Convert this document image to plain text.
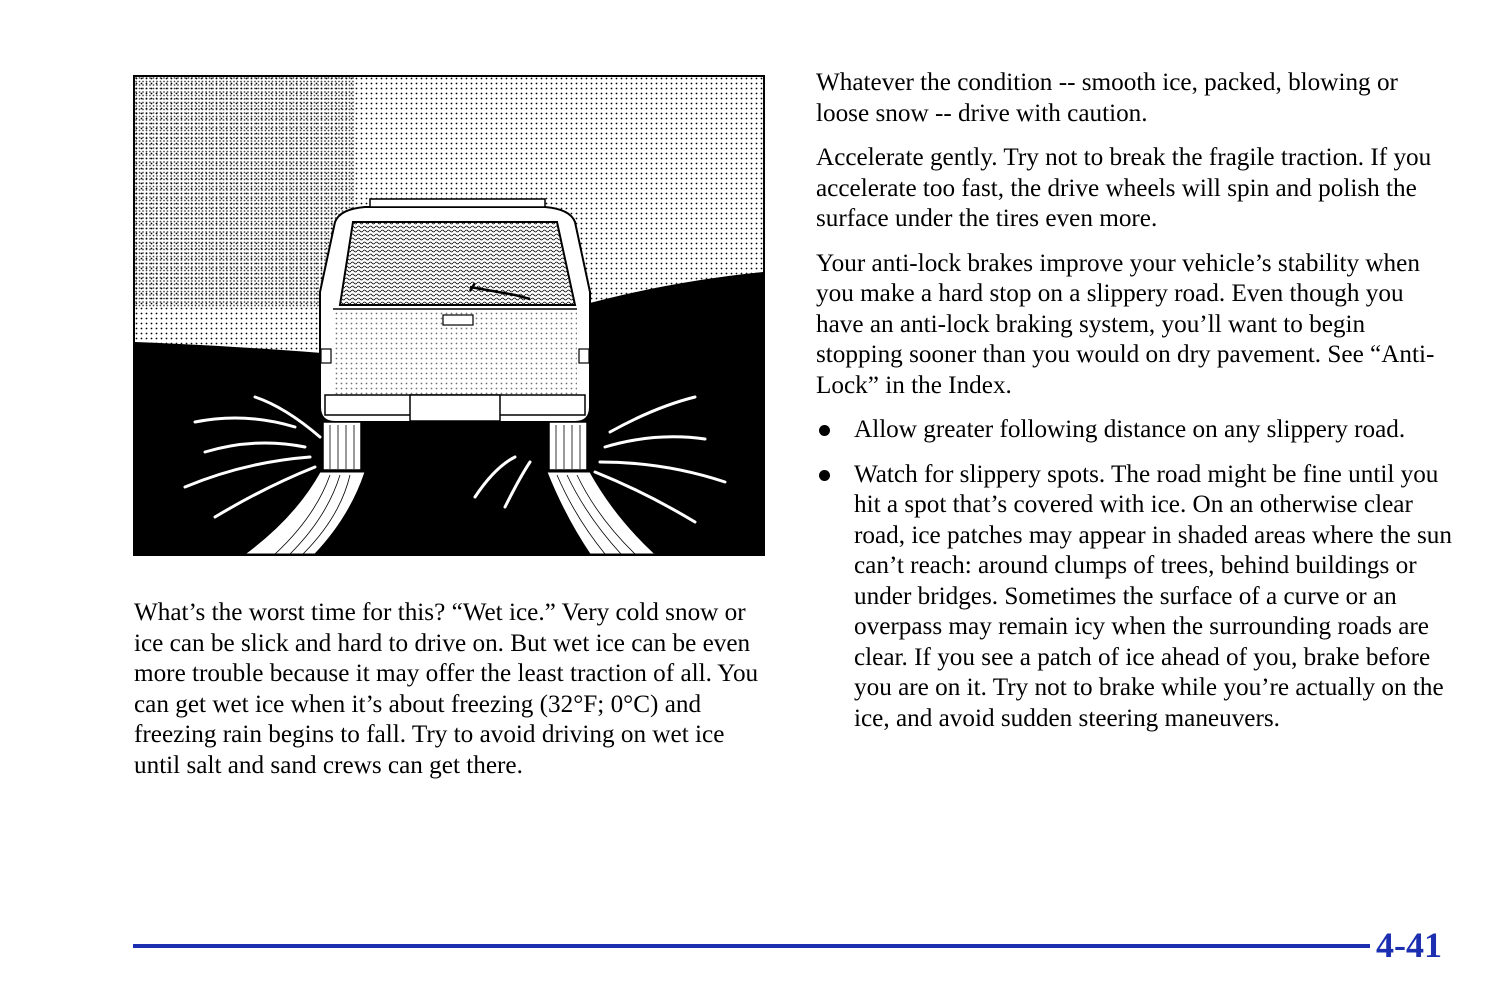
What’s the worst time for this? “Wet ice.” Very cold snow or ice can be slick and hard to drive on. But wet ice can be even more trouble because it may offer the least traction of all. You can get wet ice when it’s about freezing (32°F; 0°C) and freezing rain begins to fall. Try to avoid driving on wet ice until salt and sand crews can get there.

Whatever the condition -- smooth ice, packed, blowing or loose snow -- drive with caution.

Accelerate gently. Try not to break the fragile traction. If you accelerate too fast, the drive wheels will spin and polish the surface under the tires even more.

Your anti-lock brakes improve your vehicle’s stability when you make a hard stop on a slippery road. Even though you have an anti-lock braking system, you’ll want to begin stopping sooner than you would on dry pavement. See “Anti-Lock” in the Index.

Allow greater following distance on any slippery road.
Watch for slippery spots. The road might be fine until you hit a spot that’s covered with ice. On an otherwise clear road, ice patches may appear in shaded areas where the sun can’t reach: around clumps of trees, behind buildings or under bridges. Sometimes the surface of a curve or an overpass may remain icy when the surrounding roads are clear. If you see a patch of ice ahead of you, brake before you are on it. Try not to brake while you’re actually on the ice, and avoid sudden steering maneuvers.
4-41
